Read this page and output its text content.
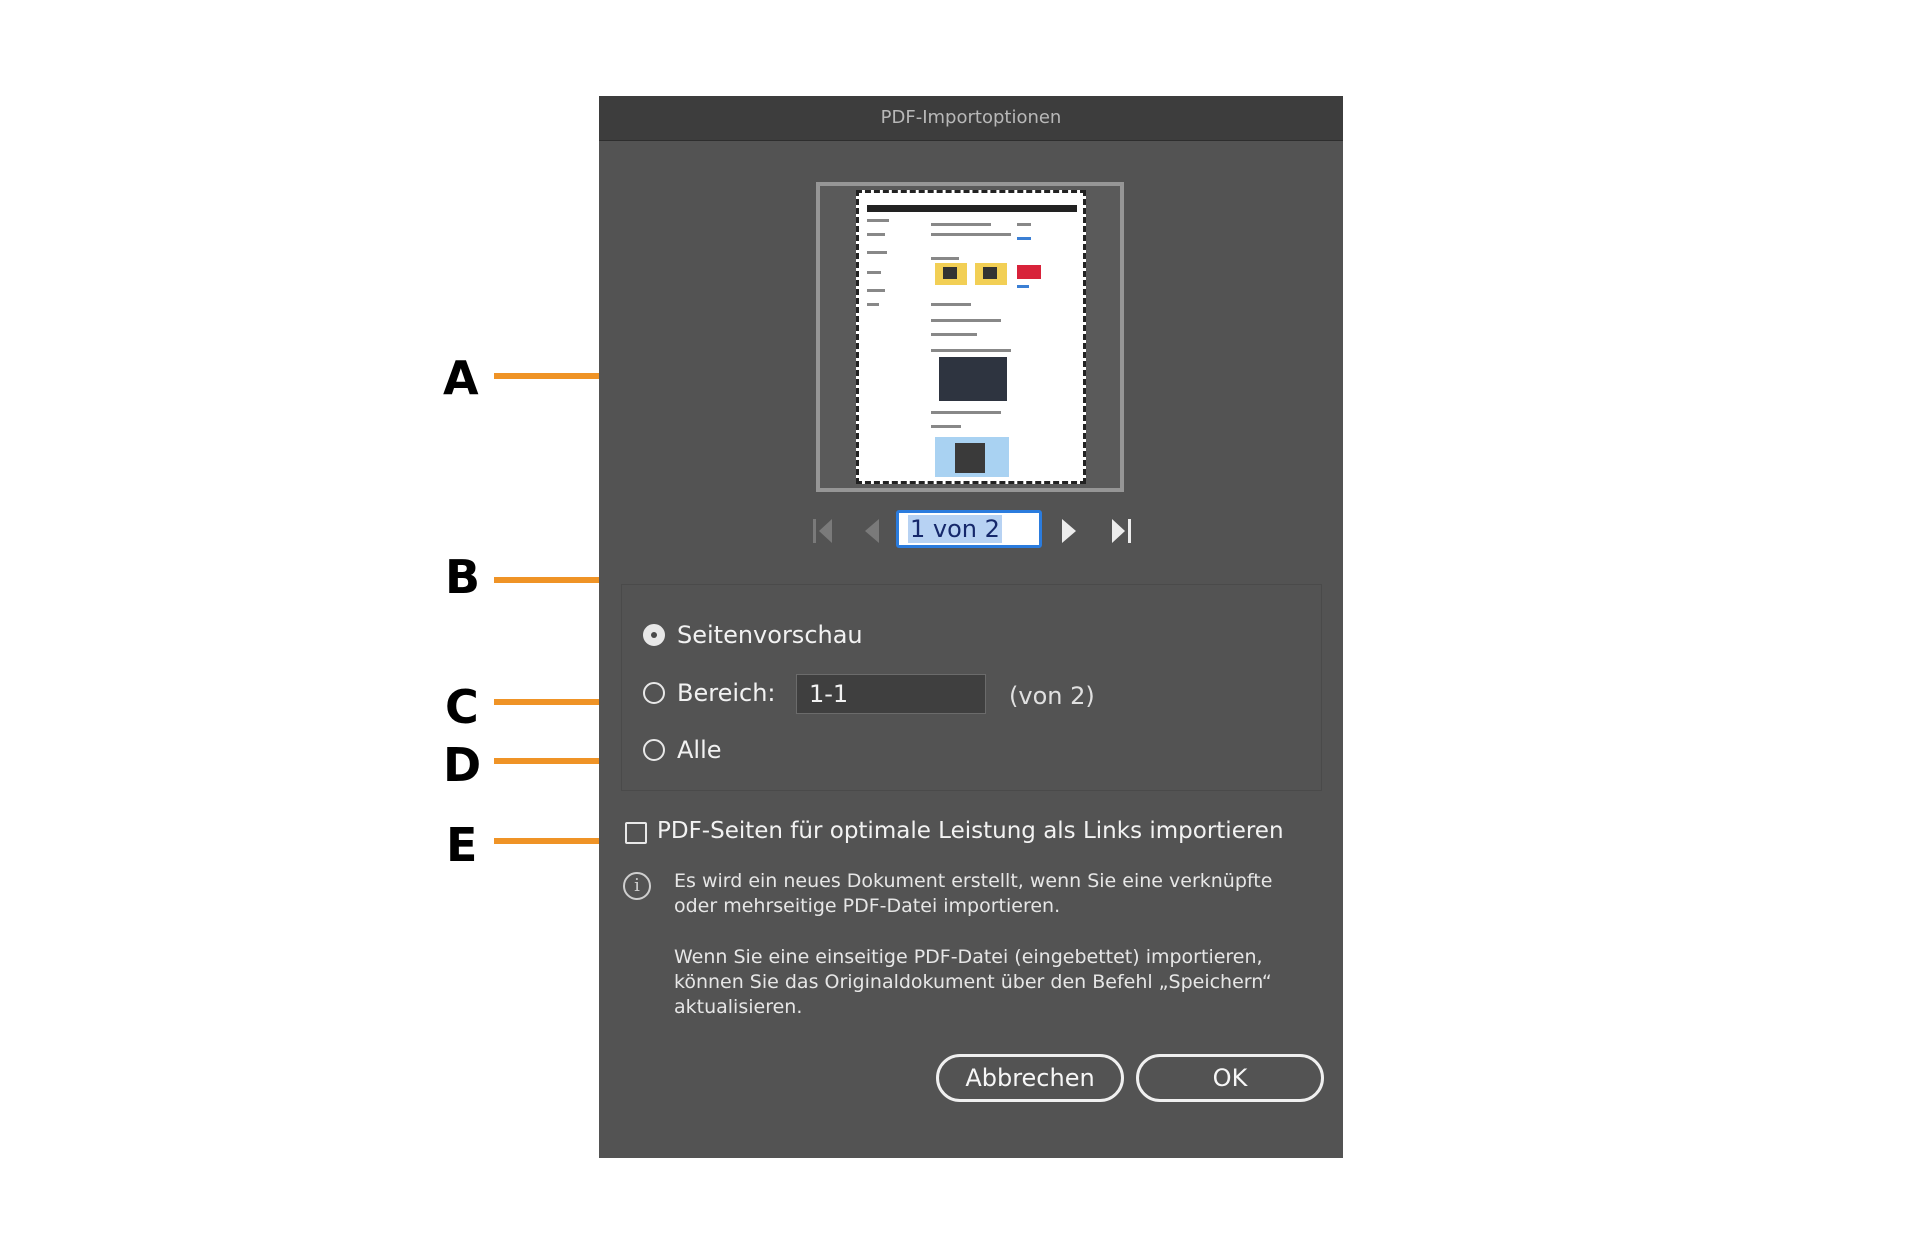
A
B
C
D
E
PDF-Importoptionen
1 von 2
Seitenvorschau
Bereich:	1-1	(von 2)
Alle
PDF-Seiten für optimale Leistung als Links importieren
i	Es wird ein neues Dokument erstellt, wenn Sie eine verknüpfte
oder mehrseitige PDF-Datei importieren.
Wenn Sie eine einseitige PDF-Datei (eingebettet) importieren,
können Sie das Originaldokument über den Befehl „Speichern“
aktualisieren.
Abbrechen	OK
